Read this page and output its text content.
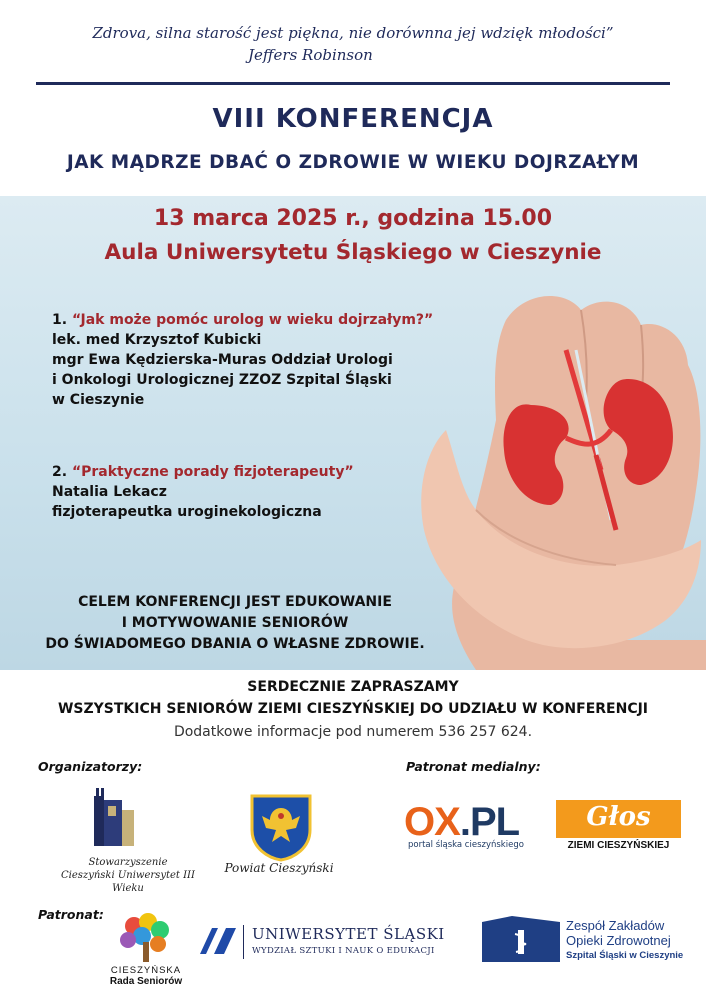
Zdrova, silna starość jest piękna, nie dorównna jej wdzięk młodości”
Jeffers Robinson
VIII KONFERENCJA
JAK MĄDRZE DBAĆ O ZDROWIE W WIEKU DOJRZAŁYM
13 marca 2025 r., godzina 15.00
Aula Uniwersytetu Śląskiego w Cieszynie
1. “Jak może pomóc urolog w wieku dojrzałym?”
lek. med Krzysztof Kubicki
mgr Ewa Kędzierska-Muras Oddział Urologi
i Onkologi Urologicznej ZZOZ Szpital Śląski
w Cieszynie
2. “Praktyczne porady fizjoterapeuty”
Natalia Lekacz
fizjoterapeutka uroginekologiczna
CELEM KONFERENCJI JEST EDUKOWANIE
I MOTYWOWANIE SENIORÓW
DO ŚWIADOMEGO DBANIA O WŁASNE ZDROWIE.
SERDECZNIE ZAPRASZAMY
WSZYSTKICH SENIORÓW ZIEMI CIESZYŃSKIEJ DO UDZIAŁU W KONFERENCJI
Dodatkowe informacje pod numerem 536 257 624.
Organizatorzy:	Patronat medialny:
Patronat:
Stowarzyszenie
Cieszyński Uniwersytet III Wieku
Powiat Cieszyński
OX.PL
portal śląska cieszyńskiego
Głos
ZIEMI CIESZYŃSKIEJ
CIESZYŃSKA
Rada Seniorów
UNIWERSYTET ŚLĄSKI
WYDZIAŁ SZTUKI I NAUK O EDUKACJI
Zespół Zakładów
Opieki Zdrowotnej
Szpital Śląski w Cieszynie
